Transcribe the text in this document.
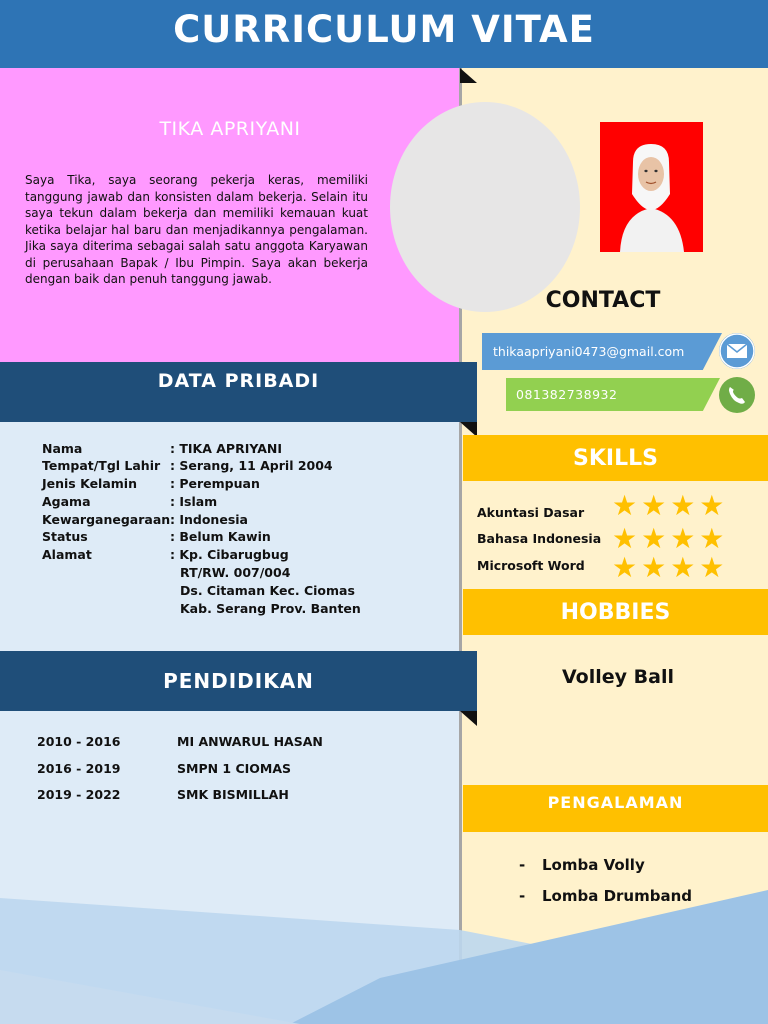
CURRICULUM VITAE
TIKA APRIYANI
Saya Tika, saya seorang pekerja keras, memiliki tanggung jawab dan konsisten dalam bekerja. Selain itu saya tekun dalam bekerja dan memiliki kemauan kuat ketika belajar hal baru dan menjadikannya pengalaman. Jika saya diterima sebagai salah satu anggota Karyawan di perusahaan Bapak / Ibu Pimpin. Saya akan bekerja dengan baik dan penuh tanggung jawab.
DATA PRIBADI
Nama	: TIKA APRIYANI
Tempat/Tgl Lahir : Serang, 11 April 2004
Jenis Kelamin	: Perempuan
Agama	: Islam
Kewarganegaraan : Indonesia
Status	: Belum Kawin
Alamat	: Kp. Cibarugbug
RT/RW. 007/004
Ds. Citaman Kec. Ciomas
Kab. Serang Prov. Banten
PENDIDIKAN
2010 - 2016	MI ANWARUL HASAN
2016 - 2019	SMPN 1 CIOMAS
2019 - 2022	SMK BISMILLAH
CONTACT
thikaapriyani0473@gmail.com
081382738932
SKILLS
Akuntasi Dasar ★★★★
Bahasa Indonesia ★★★★
Microsoft Word ★★★★
HOBBIES
Volley Ball
PENGALAMAN
- Lomba Volly
- Lomba Drumband
